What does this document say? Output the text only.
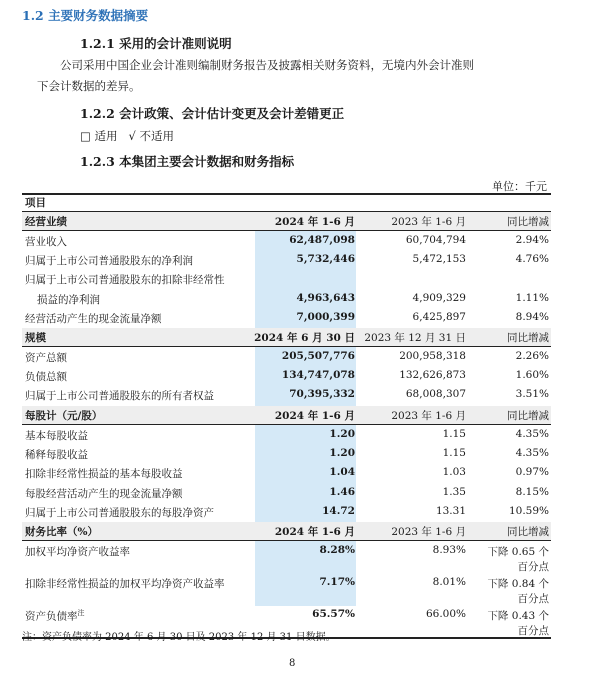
1.2 主要财务数据摘要
1.2.1 采用的会计准则说明
公司采用中国企业会计准则编制财务报告及披露相关财务资料，无境内外会计准则
下会计数据的差异。
1.2.2 会计政策、会计估计变更及会计差错更正
□ 适用 √ 不适用
1.2.3 本集团主要会计数据和财务指标
单位：千元
项目
经营业绩	2024 年 1-6 月	2023 年 1-6 月	同比增减
营业收入	62,487,098	60,704,794	2.94%
归属于上市公司普通股股东的净利润	5,732,446	5,472,153	4.76%
归属于上市公司普通股股东的扣除非经常性
损益的净利润	4,963,643	4,909,329	1.11%
经营活动产生的现金流量净额	7,000,399	6,425,897	8.94%
规模	2024 年 6 月 30 日 2023 年 12 月 31 日	同比增减
资产总额	205,507,776	200,958,318	2.26%
负债总额	134,747,078	132,626,873	1.60%
归属于上市公司普通股股东的所有者权益	70,395,332	68,008,307	3.51%
每股计（元/股）	2024 年 1-6 月	2023 年 1-6 月	同比增减
基本每股收益	1.20	1.15	4.35%
稀释每股收益	1.20	1.15	4.35%
扣除非经常性损益的基本每股收益	1.04	1.03	0.97%
每股经营活动产生的现金流量净额	1.46	1.35	8.15%
归属于上市公司普通股股东的每股净资产	14.72	13.31	10.59%
财务比率（%）	2024 年 1-6 月	2023 年 1-6 月	同比增减
加权平均净资产收益率	8.28%	8.93% 下降 0.65 个
百分点
扣除非经常性损益的加权平均净资产收益率	7.17%	8.01% 下降 0.84 个
百分点
资产负债率$^注$	65.57%	66.00% 下降 0.43 个
百分点
注：资产负债率为 2024 年 6 月 30 日及 2023 年 12 月 31 日数据。
8
